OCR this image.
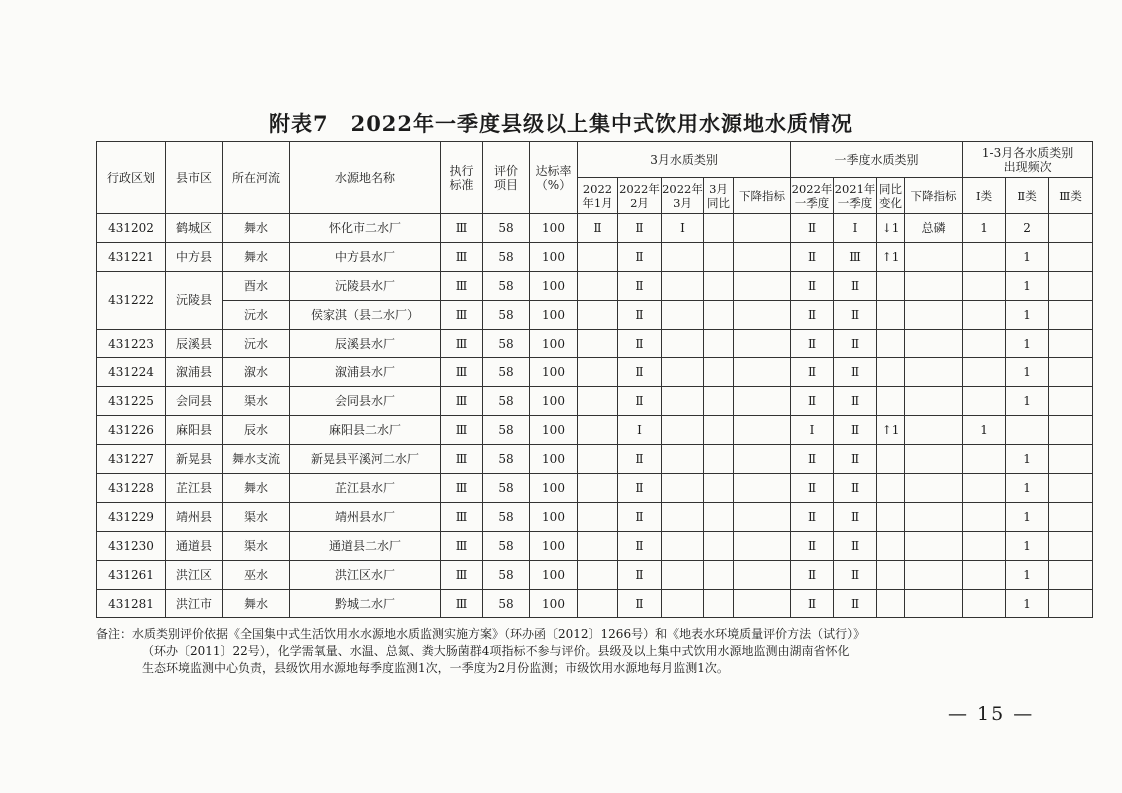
附表7　2022年一季度县级以上集中式饮用水源地水质情况
行政区划	县市区	所在河流	水源地名称	执行标准	评价项目	达标率（%）	3月水质类别					一季度水质类别				1-3月各水质类别出现频次		
							2022年1月	2022年2月	2022年3月	3月同比	下降指标	2022年一季度	2021年一季度	同比变化	下降指标	Ⅰ类	Ⅱ类	Ⅲ类
431202	鹤城区	舞水	怀化市二水厂	Ⅲ	58	100	Ⅱ	Ⅱ	Ⅰ			Ⅱ	Ⅰ	↓1	总磷	1	2	
431221	中方县	舞水	中方县水厂	Ⅲ	58	100		Ⅱ				Ⅱ	Ⅲ	↑1			1	
431222	沅陵县	酉水	沅陵县水厂	Ⅲ	58	100		Ⅱ				Ⅱ	Ⅱ				1	
		沅水	侯家淇（县二水厂）	Ⅲ	58	100		Ⅱ				Ⅱ	Ⅱ				1	
431223	辰溪县	沅水	辰溪县水厂	Ⅲ	58	100		Ⅱ				Ⅱ	Ⅱ				1	
431224	溆浦县	溆水	溆浦县水厂	Ⅲ	58	100		Ⅱ				Ⅱ	Ⅱ				1	
431225	会同县	渠水	会同县水厂	Ⅲ	58	100		Ⅱ				Ⅱ	Ⅱ				1	
431226	麻阳县	辰水	麻阳县二水厂	Ⅲ	58	100		Ⅰ				Ⅰ	Ⅱ	↑1		1		
431227	新晃县	舞水支流	新晃县平溪河二水厂	Ⅲ	58	100		Ⅱ				Ⅱ	Ⅱ				1	
431228	芷江县	舞水	芷江县水厂	Ⅲ	58	100		Ⅱ				Ⅱ	Ⅱ				1	
431229	靖州县	渠水	靖州县水厂	Ⅲ	58	100		Ⅱ				Ⅱ	Ⅱ				1	
431230	通道县	渠水	通道县二水厂	Ⅲ	58	100		Ⅱ				Ⅱ	Ⅱ				1	
431261	洪江区	巫水	洪江区水厂	Ⅲ	58	100		Ⅱ				Ⅱ	Ⅱ				1	
431281	洪江市	舞水	黔城二水厂	Ⅲ	58	100		Ⅱ				Ⅱ	Ⅱ				1	
备注：水质类别评价依据《全国集中式生活饮用水水源地水质监测实施方案》（环办函〔2012〕1266号）和《地表水环境质量评价方法（试行）》
（环办〔2011〕22号），化学需氧量、水温、总氮、粪大肠菌群4项指标不参与评价。县级及以上集中式饮用水源地监测由湖南省怀化
生态环境监测中心负责，县级饮用水源地每季度监测1次，一季度为2月份监测；市级饮用水源地每月监测1次。
— 15 —
